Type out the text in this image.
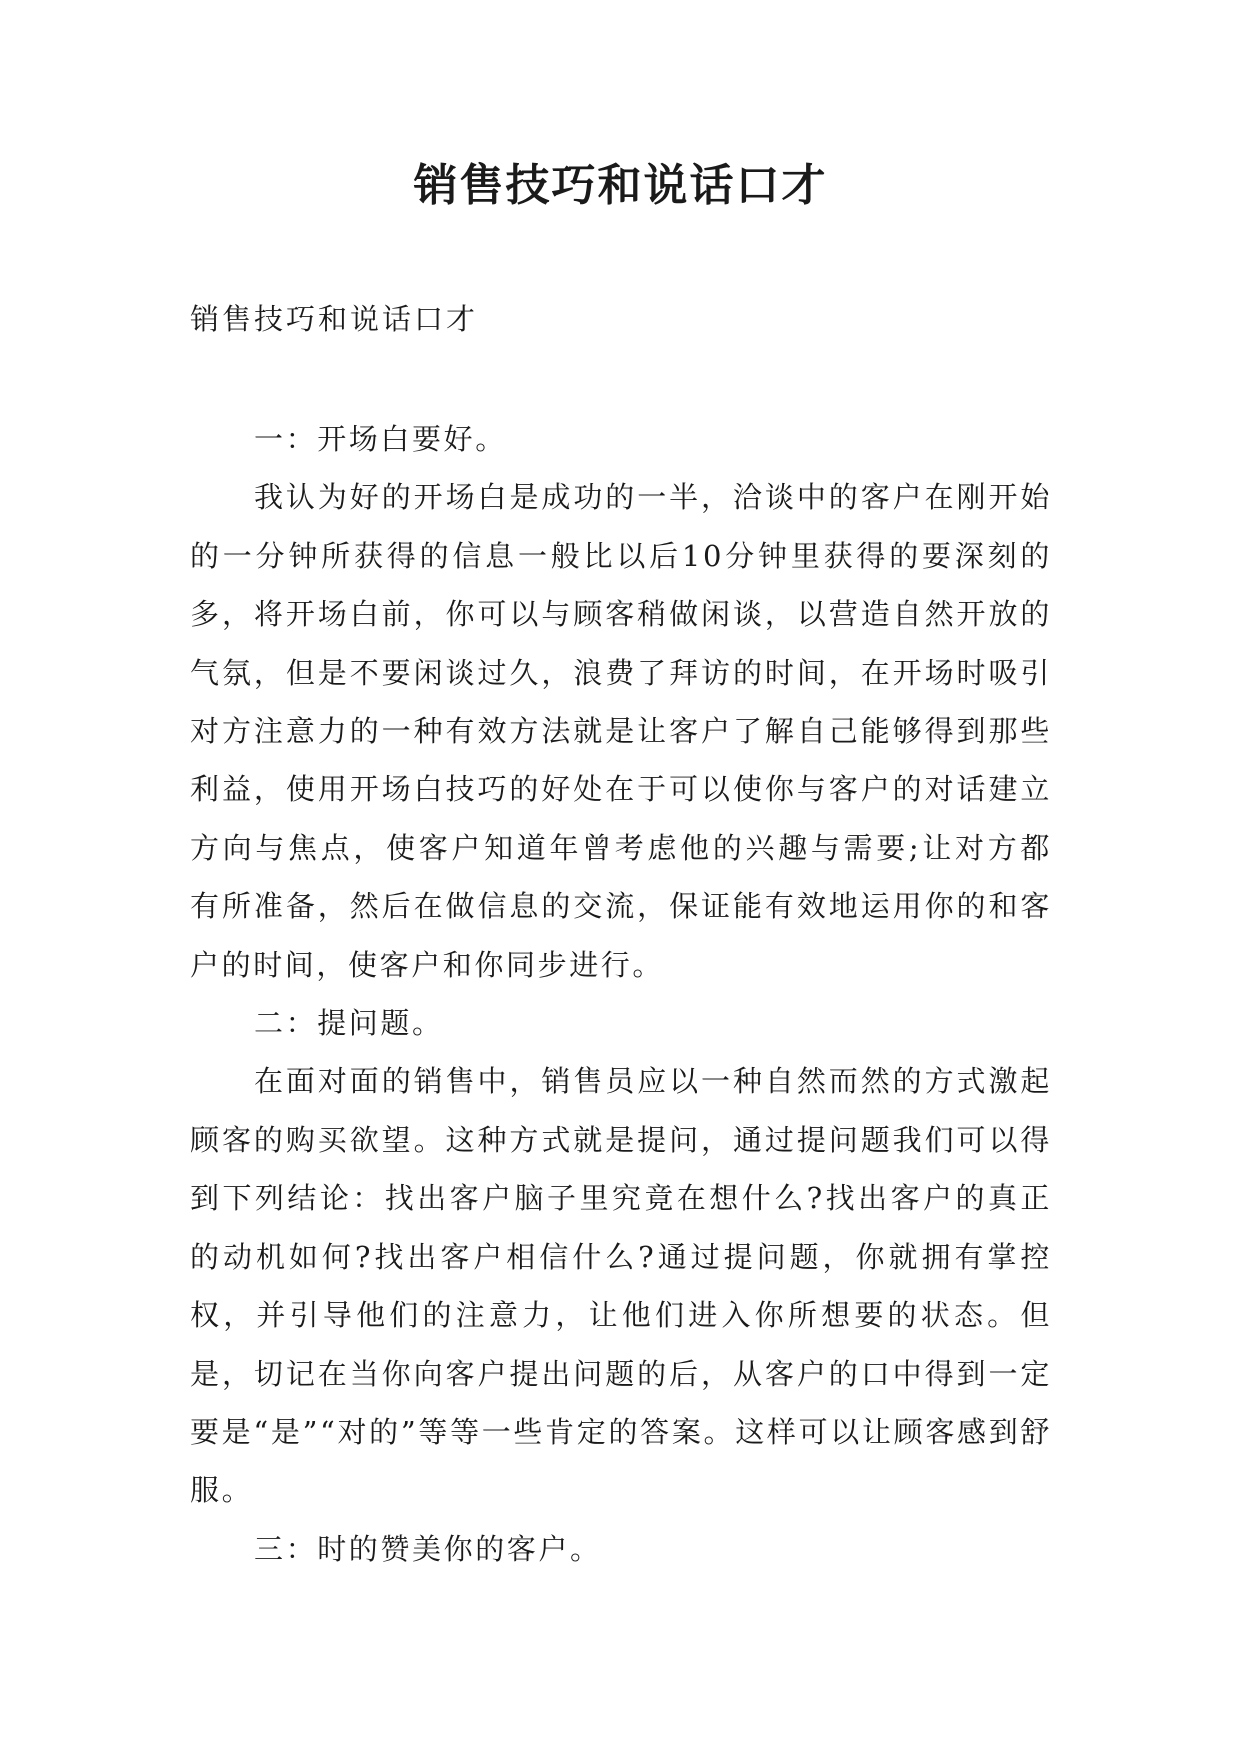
销售技巧和说话口才

销售技巧和说话口才

一：开场白要好。

我认为好的开场白是成功的一半，洽谈中的客户在刚开始的一分钟所获得的信息一般比以后10分钟里获得的要深刻的多，将开场白前，你可以与顾客稍做闲谈，以营造自然开放的气氛，但是不要闲谈过久，浪费了拜访的时间，在开场时吸引对方注意力的一种有效方法就是让客户了解自己能够得到那些利益，使用开场白技巧的好处在于可以使你与客户的对话建立方向与焦点，使客户知道年曾考虑他的兴趣与需要;让对方都有所准备，然后在做信息的交流，保证能有效地运用你的和客户的时间，使客户和你同步进行。

二：提问题。

在面对面的销售中，销售员应以一种自然而然的方式激起顾客的购买欲望。这种方式就是提问，通过提问题我们可以得到下列结论：找出客户脑子里究竟在想什么?找出客户的真正的动机如何?找出客户相信什么?通过提问题，你就拥有掌控权，并引导他们的注意力，让他们进入你所想要的状态。但是，切记在当你向客户提出问题的后，从客户的口中得到一定要是“是”“对的”等等一些肯定的答案。这样可以让顾客感到舒服。

三：时的赞美你的客户。
